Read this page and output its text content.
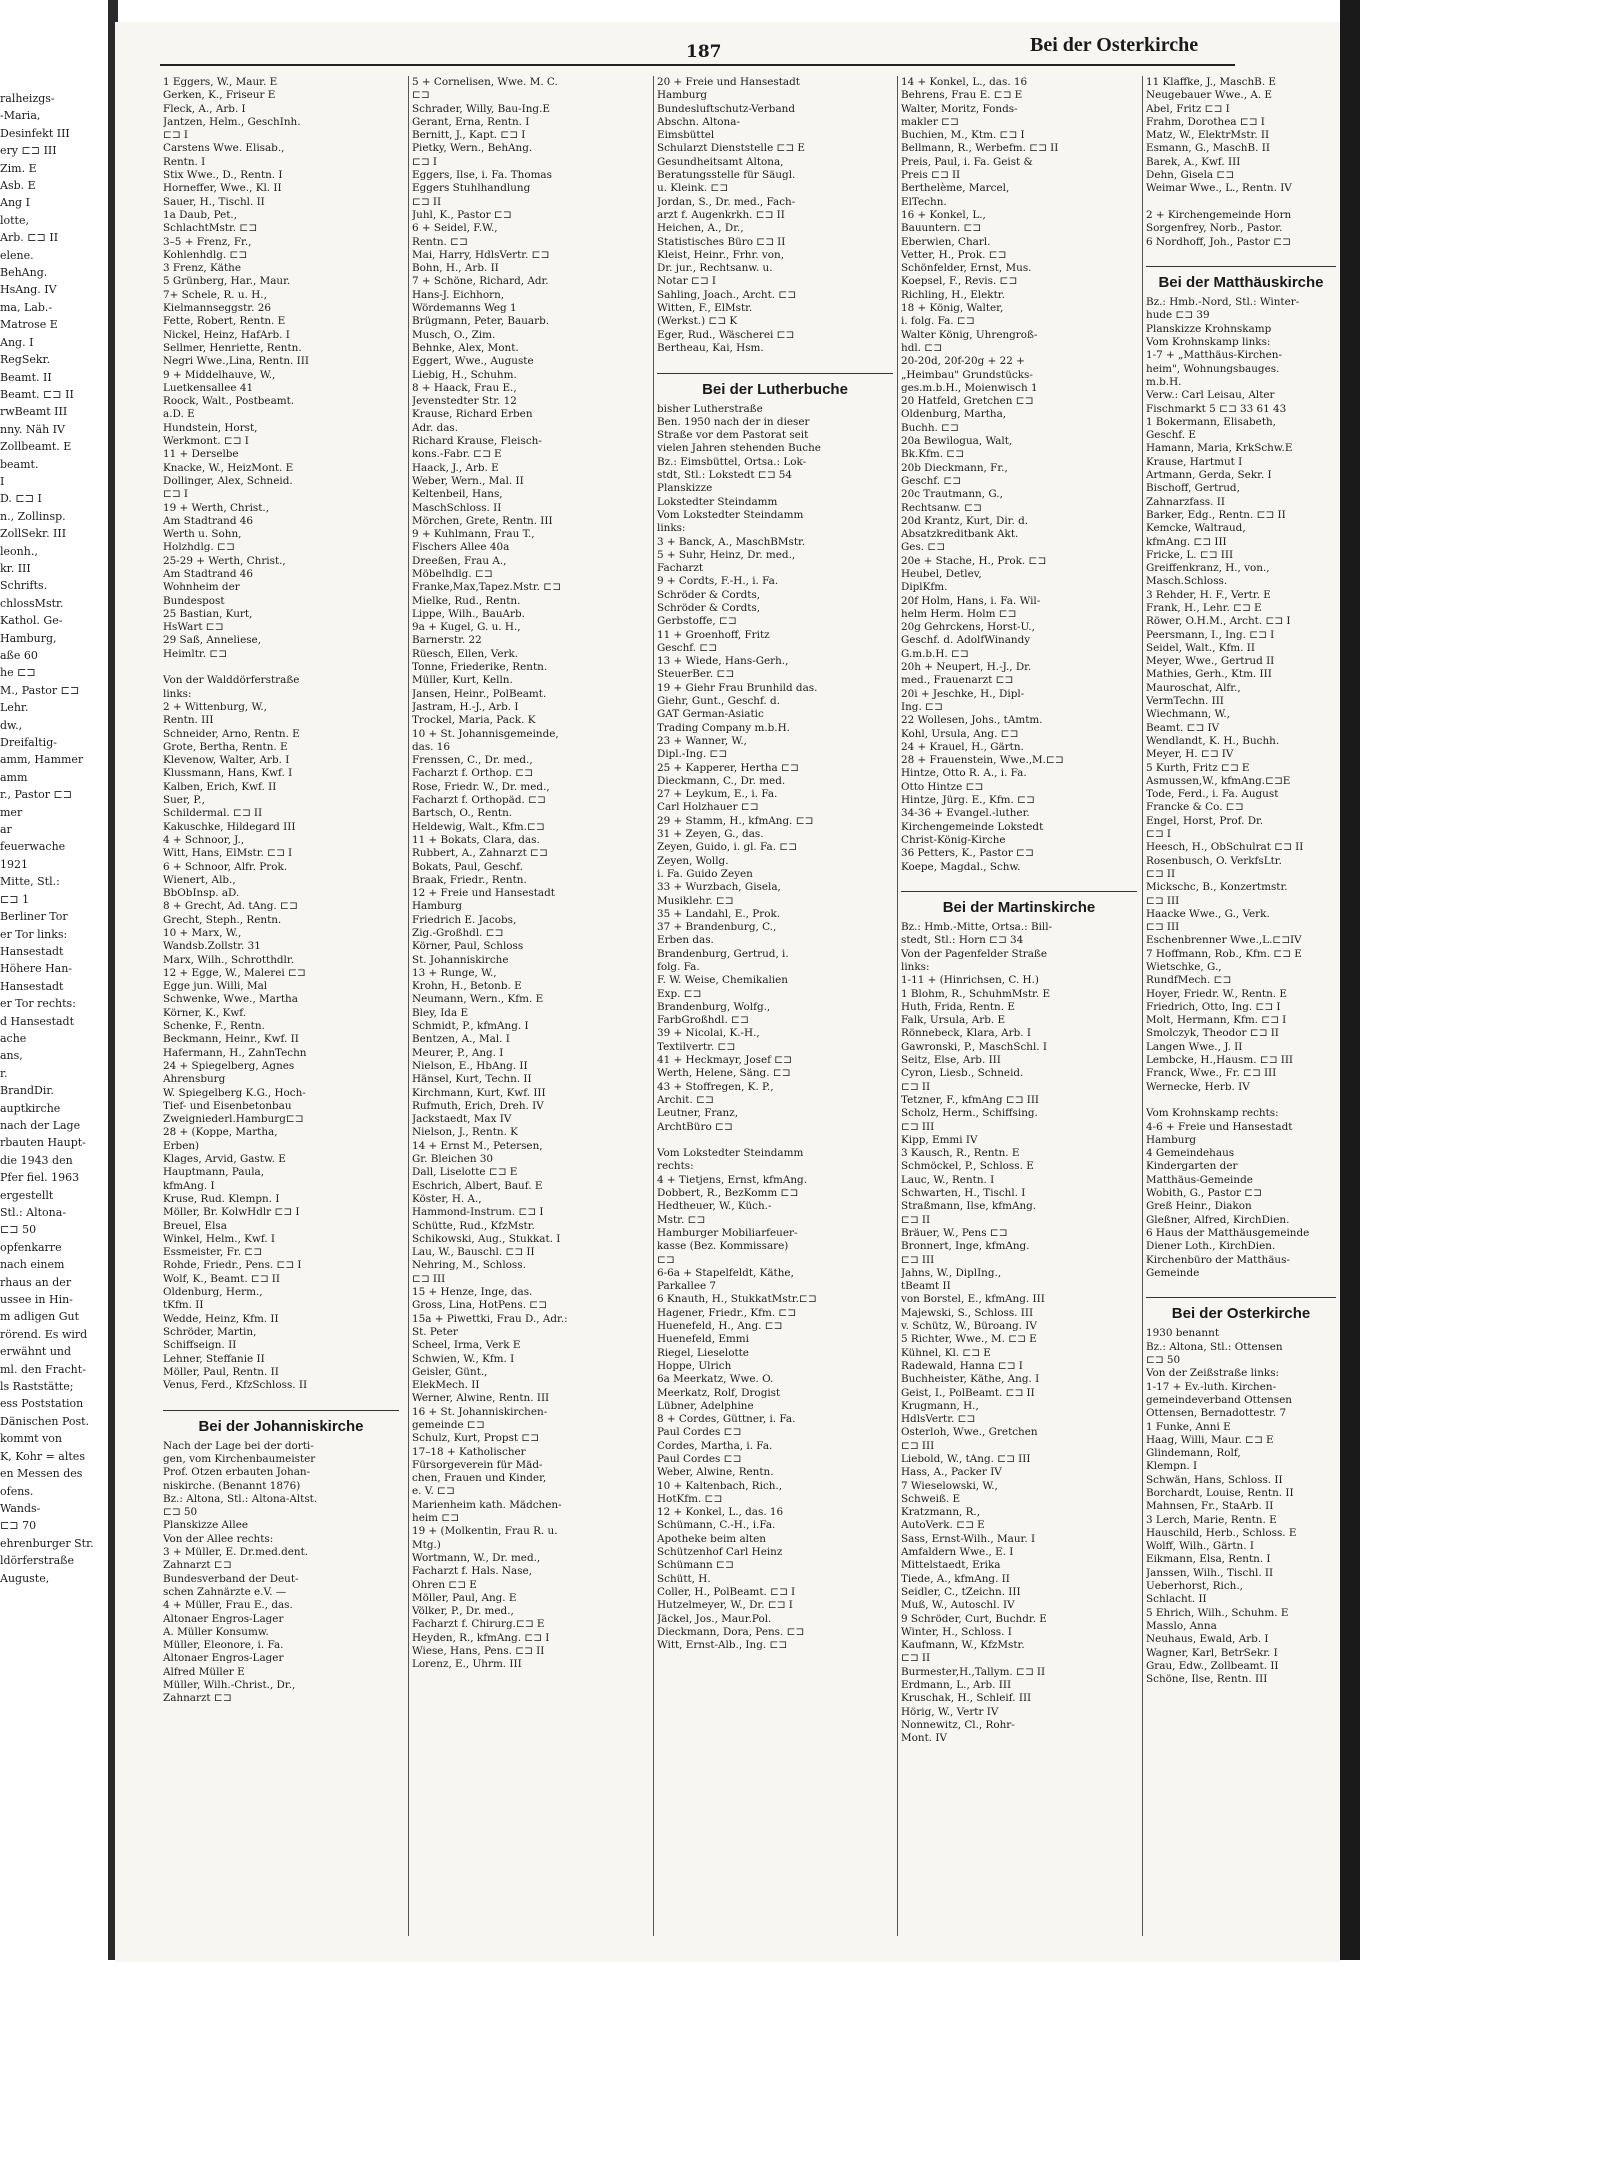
ralheizgs-
-Maria,
Desinfekt III
ery ⊏⊐ III
Zim. E
Asb. E
Ang I
lotte,
Arb. ⊏⊐ II
elene.
BehAng.
HsAng. IV
ma, Lab.-
Matrose E
Ang. I
RegSekr.
Beamt. II
Beamt. ⊏⊐ II
rwBeamt III
nny. Näh IV
Zollbeamt. E
beamt.
I
D. ⊏⊐ I
n., Zollinsp.
ZollSekr. III
leonh.,
kr. III
Schrifts.
chlossMstr.
Kathol. Ge-
Hamburg,
aße 60
he ⊏⊐
M., Pastor ⊏⊐
Lehr.
dw.,
Dreifaltig-
amm, Hammer
amm
r., Pastor ⊏⊐
mer
ar
feuerwache
1921
Mitte, Stl.:
⊏⊐ 1
Berliner Tor
er Tor links:
Hansestadt
Höhere Han-
Hansestadt
er Tor rechts:
d Hansestadt
ache
ans,
r.
BrandDir.
auptkirche
nach der Lage
rbauten Haupt-
die 1943 den
Pfer fiel. 1963
ergestellt
Stl.: Altona-
⊏⊐ 50
opfenkarre
nach einem
rhaus an der
ussee in Hin-
m adligen Gut
rörend. Es wird
erwähnt und
ml. den Fracht-
ls Raststätte;
ess Poststation
Dänischen Post.
kommt von
K, Kohr = altes
en Messen des
ofens.
Wands-
⊏⊐ 70
ehrenburger Str.
ldörferstraße
Auguste,
187	Bei der Osterkirche
1 Eggers, W., Maur. E
Gerken, K., Friseur E
Fleck, A., Arb. I
Jantzen, Helm., GeschInh.
⊏⊐ I
Carstens Wwe. Elisab.,
Rentn. I
Stix Wwe., D., Rentn. I
Horneffer, Wwe., Kl. II
Sauer, H., Tischl. II
1a Daub, Pet.,
SchlachtMstr. ⊏⊐
3–5 + Frenz, Fr.,
Kohlenhdlg. ⊏⊐
3 Frenz, Käthe
5 Grünberg, Har., Maur.
7+ Schele, R. u. H.,
Kielmannseggstr. 26
Fette, Robert, Rentn. E
Nickel, Heinz, HafArb. I
Sellmer, Henriette, Rentn.
Negri Wwe.,Lina, Rentn. III
9 + Middelhauve, W.,
Luetkensallee 41
Roock, Walt., Postbeamt.
a.D. E
Hundstein, Horst,
Werkmont. ⊏⊐ I
11 + Derselbe
Knacke, W., HeizMont. E
Dollinger, Alex, Schneid.
⊏⊐ I
19 + Werth, Christ.,
Am Stadtrand 46
Werth u. Sohn,
Holzhdlg. ⊏⊐
25-29 + Werth, Christ.,
Am Stadtrand 46
Wohnheim der
Bundespost
25 Bastian, Kurt,
HsWart ⊏⊐
29 Saß, Anneliese,
Heimltr. ⊏⊐

Von der Walddörferstraße
links:
2 + Wittenburg, W.,
Rentn. III
Schneider, Arno, Rentn. E
Grote, Bertha, Rentn. E
Klevenow, Walter, Arb. I
Klussmann, Hans, Kwf. I
Kalben, Erich, Kwf. II
Suer, P.,
Schildermal. ⊏⊐ II
Kakuschke, Hildegard III
4 + Schnoor, J.,
Witt, Hans, ElMstr. ⊏⊐ I
6 + Schnoor, Alfr. Prok.
Wienert, Alb.,
BbObInsp. aD.
8 + Grecht, Ad. tAng. ⊏⊐
Grecht, Steph., Rentn.
10 + Marx, W.,
Wandsb.Zollstr. 31
Marx, Wilh., Schrotthdlr.
12 + Egge, W., Malerei ⊏⊐
Egge jun. Willi, Mal
Schwenke, Wwe., Martha
Körner, K., Kwf.
Schenke, F., Rentn.
Beckmann, Heinr., Kwf. II
Hafermann, H., ZahnTechn
24 + Spiegelberg, Agnes
Ahrensburg
W. Spiegelberg K.G., Hoch-
Tief- und Eisenbetonbau
Zweigniederl.Hamburg⊏⊐
28 + (Koppe, Martha,
Erben)
Klages, Arvid, Gastw. E
Hauptmann, Paula,
kfmAng. I
Kruse, Rud. Klempn. I
Möller, Br. KolwHdlr ⊏⊐ I
Breuel, Elsa
Winkel, Helm., Kwf. I
Essmeister, Fr. ⊏⊐
Rohde, Friedr., Pens. ⊏⊐ I
Wolf, K., Beamt. ⊏⊐ II
Oldenburg, Herm.,
tKfm. II
Wedde, Heinz, Kfm. II
Schröder, Martin,
Schiffseign. II
Lehner, Steffanie II
Möller, Paul, Rentn. II
Venus, Ferd., KfzSchloss. II

Bei der Johanniskirche
Nach der Lage bei der dorti-
gen, vom Kirchenbaumeister
Prof. Otzen erbauten Johan-
niskirche. (Benannt 1876)
Bz.: Altona, Stl.: Altona-Altst.
⊏⊐ 50
Planskizze Allee
Von der Allee rechts:
3 + Müller, E. Dr.med.dent.
Zahnarzt ⊏⊐
Bundesverband der Deut-
schen Zahnärzte e.V. —
4 + Müller, Frau E., das.
Altonaer Engros-Lager
A. Müller Konsumw.
Müller, Eleonore, i. Fa.
Altonaer Engros-Lager
Alfred Müller E
Müller, Wilh.-Christ., Dr.,
Zahnarzt ⊏⊐
5 + Cornelisen, Wwe. M. C.
⊏⊐
Schrader, Willy, Bau-Ing.E
Gerant, Erna, Rentn. I
Bernitt, J., Kapt. ⊏⊐ I
Pietky, Wern., BehAng.
⊏⊐ I
Eggers, Ilse, i. Fa. Thomas
Eggers Stuhlhandlung
⊏⊐ II
Juhl, K., Pastor ⊏⊐
6 + Seidel, F.W.,
Rentn. ⊏⊐
Mai, Harry, HdlsVertr. ⊏⊐
Bohn, H., Arb. II
7 + Schöne, Richard, Adr.
Hans-J. Eichhorn,
Wördemanns Weg 1
Brügmann, Peter, Bauarb.
Musch, O., Zim.
Behnke, Alex, Mont.
Eggert, Wwe., Auguste
Liebig, H., Schuhm.
8 + Haack, Frau E.,
Jevenstedter Str. 12
Krause, Richard Erben
Adr. das.
Richard Krause, Fleisch-
kons.-Fabr. ⊏⊐ E
Haack, J., Arb. E
Weber, Wern., Mal. II
Keltenbeil, Hans,
MaschSchloss. II
Mörchen, Grete, Rentn. III
9 + Kuhlmann, Frau T.,
Fischers Allee 40a
Dreeßen, Frau A.,
Möbelhdlg. ⊏⊐
Franke,Max,Tapez.Mstr. ⊏⊐
Mielke, Rud., Rentn.
Lippe, Wilh., BauArb.
9a + Kugel, G. u. H.,
Barnerstr. 22
Rüesch, Ellen, Verk.
Tonne, Friederike, Rentn.
Müller, Kurt, Kelln.
Jansen, Heinr., PolBeamt.
Jastram, H.-J., Arb. I
Trockel, Maria, Pack. K
10 + St. Johannisgemeinde,
das. 16
Frenssen, C., Dr. med.,
Facharzt f. Orthop. ⊏⊐
Rose, Friedr. W., Dr. med.,
Facharzt f. Orthopäd. ⊏⊐
Bartsch, O., Rentn.
Heldewig, Walt., Kfm.⊏⊐
11 + Bokats, Clara, das.
Rubbert, A., Zahnarzt ⊏⊐
Bokats, Paul, Geschf.
Braak, Friedr., Rentn.
12 + Freie und Hansestadt
Hamburg
Friedrich E. Jacobs,
Zig.-Großhdl. ⊏⊐
Körner, Paul, Schloss
St. Johanniskirche
13 + Runge, W.,
Krohn, H., Betonb. E
Neumann, Wern., Kfm. E
Bley, Ida E
Schmidt, P., kfmAng. I
Bentzen, A., Mal. I
Meurer, P., Ang. I
Nielson, E., HbAng. II
Hänsel, Kurt, Techn. II
Kirchmann, Kurt, Kwf. III
Rufmuth, Erich, Dreh. IV
Jackstaedt, Max IV
Nielson, J., Rentn. K
14 + Ernst M., Petersen,
Gr. Bleichen 30
Dall, Liselotte ⊏⊐ E
Eschrich, Albert, Bauf. E
Köster, H. A.,
Hammond-Instrum. ⊏⊐ I
Schütte, Rud., KfzMstr.
Schikowski, Aug., Stukkat. I
Lau, W., Bauschl. ⊏⊐ II
Nehring, M., Schloss.
⊏⊐ III
15 + Henze, Inge, das.
Gross, Lina, HotPens. ⊏⊐
15a + Piwettki, Frau D., Adr.:
St. Peter
Scheel, Irma, Verk E
Schwien, W., Kfm. I
Geisler, Günt.,
ElekMech. II
Werner, Alwine, Rentn. III
16 + St. Johanniskirchen-
gemeinde ⊏⊐
Schulz, Kurt, Propst ⊏⊐
17–18 + Katholischer
Fürsorgeverein für Mäd-
chen, Frauen und Kinder,
e. V. ⊏⊐
Marienheim kath. Mädchen-
heim ⊏⊐
19 + (Molkentin, Frau R. u.
Mtg.)
Wortmann, W., Dr. med.,
Facharzt f. Hals. Nase,
Ohren ⊏⊐ E
Möller, Paul, Ang. E
Völker, P., Dr. med.,
Facharzt f. Chirurg.⊏⊐ E
Heyden, R., kfmAng. ⊏⊐ I
Wiese, Hans, Pens. ⊏⊐ II
Lorenz, E., Uhrm. III
20 + Freie und Hansestadt
Hamburg
Bundesluftschutz-Verband
Abschn. Altona-
Eimsbüttel
Schularzt Dienststelle ⊏⊐ E
Gesundheitsamt Altona,
Beratungsstelle für Säugl.
u. Kleink. ⊏⊐
Jordan, S., Dr. med., Fach-
arzt f. Augenkrkh. ⊏⊐ II
Heichen, A., Dr.,
Statistisches Büro ⊏⊐ II
Kleist, Heinr., Frhr. von,
Dr. jur., Rechtsanw. u.
Notar ⊏⊐ I
Sahling, Joach., Archt. ⊏⊐
Witten, F., ElMstr.
(Werkst.) ⊏⊐ K
Eger, Rud., Wäscherei ⊏⊐
Bertheau, Kai, Hsm.

Bei der Lutherbuche
bisher Lutherstraße
Ben. 1950 nach der in dieser
Straße vor dem Pastorat seit
vielen Jahren stehenden Buche
Bz.: Eimsbüttel, Ortsa.: Lok-
stdt, Stl.: Lokstedt ⊏⊐ 54
Planskizze
Lokstedter Steindamm
Vom Lokstedter Steindamm
links:
3 + Banck, A., MaschBMstr.
5 + Suhr, Heinz, Dr. med.,
Facharzt
9 + Cordts, F.-H., i. Fa.
Schröder & Cordts,
Schröder & Cordts,
Gerbstoffe, ⊏⊐
11 + Groenhoff, Fritz
Geschf. ⊏⊐
13 + Wiede, Hans-Gerh.,
SteuerBer. ⊏⊐
19 + Giehr Frau Brunhild das.
Giehr, Gunt., Geschf. d.
GAT German-Asiatic
Trading Company m.b.H.
23 + Wanner, W.,
Dipl.-Ing. ⊏⊐
25 + Kapperer, Hertha ⊏⊐
Dieckmann, C., Dr. med.
27 + Leykum, E., i. Fa.
Carl Holzhauer ⊏⊐
29 + Stamm, H., kfmAng. ⊏⊐
31 + Zeyen, G., das.
Zeyen, Guido, i. gl. Fa. ⊏⊐
Zeyen, Wollg.
i. Fa. Guido Zeyen
33 + Wurzbach, Gisela,
Musiklehr. ⊏⊐
35 + Landahl, E., Prok.
37 + Brandenburg, C.,
Erben das.
Brandenburg, Gertrud, i.
folg. Fa.
F. W. Weise, Chemikalien
Exp. ⊏⊐
Brandenburg, Wolfg.,
FarbGroßhdl. ⊏⊐
39 + Nicolai, K.-H.,
Textilvertr. ⊏⊐
41 + Heckmayr, Josef ⊏⊐
Werth, Helene, Säng. ⊏⊐
43 + Stoffregen, K. P.,
Archit. ⊏⊐
Leutner, Franz,
ArchtBüro ⊏⊐

Vom Lokstedter Steindamm
rechts:
4 + Tietjens, Ernst, kfmAng.
Dobbert, R., BezKomm ⊏⊐
Hedtheuer, W., Küch.-
Mstr. ⊏⊐
Hamburger Mobiliarfeuer-
kasse (Bez. Kommissare)
⊏⊐
6-6a + Stapelfeldt, Käthe,
Parkallee 7
6 Knauth, H., StukkatMstr.⊏⊐
Hagener, Friedr., Kfm. ⊏⊐
Huenefeld, H., Ang. ⊏⊐
Huenefeld, Emmi
Riegel, Lieselotte
Hoppe, Ulrich
6a Meerkatz, Wwe. O.
Meerkatz, Rolf, Drogist
Lübner, Adelphine
8 + Cordes, Güttner, i. Fa.
Paul Cordes ⊏⊐
Cordes, Martha, i. Fa.
Paul Cordes ⊏⊐
Weber, Alwine, Rentn.
10 + Kaltenbach, Rich.,
HotKfm. ⊏⊐
12 + Konkel, L., das. 16
Schümann, C.-H., i.Fa.
Apotheke beim alten
Schützenhof Carl Heinz
Schümann ⊏⊐
Schütt, H.
Coller, H., PolBeamt. ⊏⊐ I
Hutzelmeyer, W., Dr. ⊏⊐ I
Jäckel, Jos., Maur.Pol.
Dieckmann, Dora, Pens. ⊏⊐
Witt, Ernst-Alb., Ing. ⊏⊐
14 + Konkel, L., das. 16
Behrens, Frau E. ⊏⊐ E
Walter, Moritz, Fonds-
makler ⊏⊐
Buchien, M., Ktm. ⊏⊐ I
Bellmann, R., Werbefm. ⊏⊐ II
Preis, Paul, i. Fa. Geist &
Preis ⊏⊐ II
Berthelème, Marcel,
ElTechn.
16 + Konkel, L.,
Bauuntern. ⊏⊐
Eberwien, Charl.
Vetter, H., Prok. ⊏⊐
Schönfelder, Ernst, Mus.
Koepsel, F., Revis. ⊏⊐
Richling, H., Elektr.
18 + König, Walter,
i. folg. Fa. ⊏⊐
Walter König, Uhrengroß-
hdl. ⊏⊐
20-20d, 20f-20g + 22 +
„Heimbau" Grundstücks-
ges.m.b.H., Moienwisch 1
20 Hatfeld, Gretchen ⊏⊐
Oldenburg, Martha,
Buchh. ⊏⊐
20a Bewilogua, Walt,
Bk.Kfm. ⊏⊐
20b Dieckmann, Fr.,
Geschf. ⊏⊐
20c Trautmann, G.,
Rechtsanw. ⊏⊐
20d Krantz, Kurt, Dir. d.
Absatzkreditbank Akt.
Ges. ⊏⊐
20e + Stache, H., Prok. ⊏⊐
Heubel, Detlev,
DiplKfm.
20f Holm, Hans, i. Fa. Wil-
helm Herm. Holm ⊏⊐
20g Gehrckens, Horst-U.,
Geschf. d. AdolfWinandy
G.m.b.H. ⊏⊐
20h + Neupert, H.-J., Dr.
med., Frauenarzt ⊏⊐
20i + Jeschke, H., Dipl-
Ing. ⊏⊐
22 Wollesen, Johs., tAmtm.
Kohl, Ursula, Ang. ⊏⊐
24 + Krauel, H., Gärtn.
28 + Frauenstein, Wwe.,M.⊏⊐
Hintze, Otto R. A., i. Fa.
Otto Hintze ⊏⊐
Hintze, Jürg. E., Kfm. ⊏⊐
34-36 + Evangel.-luther.
Kirchengemeinde Lokstedt
Christ-König-Kirche
36 Petters, K., Pastor ⊏⊐
Koepe, Magdal., Schw.

Bei der Martinskirche
Bz.: Hmb.-Mitte, Ortsa.: Bill-
stedt, Stl.: Horn ⊏⊐ 34
Von der Pagenfelder Straße
links:
1-11 + (Hinrichsen, C. H.)
1 Blohm, R., SchuhmMstr. E
Huth, Frida, Rentn. E
Falk, Ursula, Arb. E
Rönnebeck, Klara, Arb. I
Gawronski, P., MaschSchl. I
Seitz, Else, Arb. III
Cyron, Liesb., Schneid.
⊏⊐ II
Tetzner, F., kfmAng ⊏⊐ III
Scholz, Herm., Schiffsing.
⊏⊐ III
Kipp, Emmi IV
3 Kausch, R., Rentn. E
Schmöckel, P., Schloss. E
Lauc, W., Rentn. I
Schwarten, H., Tischl. I
Straßmann, Ilse, kfmAng.
⊏⊐ II
Bräuer, W., Pens ⊏⊐
Bronnert, Inge, kfmAng.
⊏⊐ III
Jahns, W., DiplIng.,
tBeamt II
von Borstel, E., kfmAng. III
Majewski, S., Schloss. III
v. Schütz, W., Büroang. IV
5 Richter, Wwe., M. ⊏⊐ E
Kühnel, Kl. ⊏⊐ E
Radewald, Hanna ⊏⊐ I
Buchheister, Käthe, Ang. I
Geist, I., PolBeamt. ⊏⊐ II
Krugmann, H.,
HdlsVertr. ⊏⊐
Osterloh, Wwe., Gretchen
⊏⊐ III
Liebold, W., tAng. ⊏⊐ III
Hass, A., Packer IV
7 Wieselowski, W.,
Schweiß. E
Kratzmann, R.,
AutoVerk. ⊏⊐ E
Sass, Ernst-Wilh., Maur. I
Amfaldern Wwe., E. I
Mittelstaedt, Erika
Tiede, A., kfmAng. II
Seidler, C., tZeichn. III
Muß, W., Autoschl. IV
9 Schröder, Curt, Buchdr. E
Winter, H., Schloss. I
Kaufmann, W., KfzMstr.
⊏⊐ II
Burmester,H.,Tallym. ⊏⊐ II
Erdmann, L., Arb. III
Kruschak, H., Schleif. III
Hörig, W., Vertr IV
Nonnewitz, Cl., Rohr-
Mont. IV
11 Klaffke, J., MaschB. E
Neugebauer Wwe., A. E
Abel, Fritz ⊏⊐ I
Frahm, Dorothea ⊏⊐ I
Matz, W., ElektrMstr. II
Esmann, G., MaschB. II
Barek, A., Kwf. III
Dehn, Gisela ⊏⊐
Weimar Wwe., L., Rentn. IV

2 + Kirchengemeinde Horn
Sorgenfrey, Norb., Pastor.
6 Nordhoff, Joh., Pastor ⊏⊐

Bei der Matthäuskirche
Bz.: Hmb.-Nord, Stl.: Winter-
hude ⊏⊐ 39
Planskizze Krohnskamp
Vom Krohnskamp links:
1-7 + „Matthäus-Kirchen-
heim", Wohnungsbauges.
m.b.H.
Verw.: Carl Leisau, Alter
Fischmarkt 5 ⊏⊐ 33 61 43
1 Bokermann, Elisabeth,
Geschf. E
Hamann, Maria, KrkSchw.E
Krause, Hartmut I
Artmann, Gerda, Sekr. I
Bischoff, Gertrud,
Zahnarzfass. II
Barker, Edg., Rentn. ⊏⊐ II
Kemcke, Waltraud,
kfmAng. ⊏⊐ III
Fricke, L. ⊏⊐ III
Greiffenkranz, H., von.,
Masch.Schloss.
3 Rehder, H. F., Vertr. E
Frank, H., Lehr. ⊏⊐ E
Röwer, O.H.M., Archt. ⊏⊐ I
Peersmann, I., Ing. ⊏⊐ I
Seidel, Walt., Kfm. II
Meyer, Wwe., Gertrud II
Mathies, Gerh., Ktm. III
Mauroschat, Alfr.,
VermTechn. III
Wiechmann, W.,
Beamt. ⊏⊐ IV
Wendlandt, K. H., Buchh.
Meyer, H. ⊏⊐ IV
5 Kurth, Fritz ⊏⊐ E
Asmussen,W., kfmAng.⊏⊐E
Tode, Ferd., i. Fa. August
Francke & Co. ⊏⊐
Engel, Horst, Prof. Dr.
⊏⊐ I
Heesch, H., ObSchulrat ⊏⊐ II
Rosenbusch, O. VerkfsLtr.
⊏⊐ II
Mickschc, B., Konzertmstr.
⊏⊐ III
Haacke Wwe., G., Verk.
⊏⊐ III
Eschenbrenner Wwe.,L.⊏⊐IV
7 Hoffmann, Rob., Kfm. ⊏⊐ E
Wietschke, G.,
RundfMech. ⊏⊐
Hoyer, Friedr. W., Rentn. E
Friedrich, Otto, Ing. ⊏⊐ I
Molt, Hermann, Kfm. ⊏⊐ I
Smolczyk, Theodor ⊏⊐ II
Langen Wwe., J. II
Lembcke, H.,Hausm. ⊏⊐ III
Franck, Wwe., Fr. ⊏⊐ III
Wernecke, Herb. IV

Vom Krohnskamp rechts:
4-6 + Freie und Hansestadt
Hamburg
4 Gemeindehaus
Kindergarten der
Matthäus-Gemeinde
Wobith, G., Pastor ⊏⊐
Greß Heinr., Diakon
Gleßner, Alfred, KirchDien.
6 Haus der Matthäusgemeinde
Diener Loth., KirchDien.
Kirchenbüro der Matthäus-
Gemeinde

Bei der Osterkirche
1930 benannt
Bz.: Altona, Stl.: Ottensen
⊏⊐ 50
Von der Zeißstraße links:
1-17 + Ev.-luth. Kirchen-
gemeindeverband Ottensen
Ottensen, Bernadottestr. 7
1 Funke, Anni E
Haag, Willi, Maur. ⊏⊐ E
Glindemann, Rolf,
Klempn. I
Schwän, Hans, Schloss. II
Borchardt, Louise, Rentn. II
Mahnsen, Fr., StaArb. II
3 Lerch, Marie, Rentn. E
Hauschild, Herb., Schloss. E
Wolff, Wilh., Gärtn. I
Eikmann, Elsa, Rentn. I
Janssen, Wilh., Tischl. II
Ueberhorst, Rich.,
Schlacht. II
5 Ehrich, Wilh., Schuhm. E
Masslo, Anna
Neuhaus, Ewald, Arb. I
Wagner, Karl, BetrSekr. I
Grau, Edw., Zollbeamt. II
Schöne, Ilse, Rentn. III
